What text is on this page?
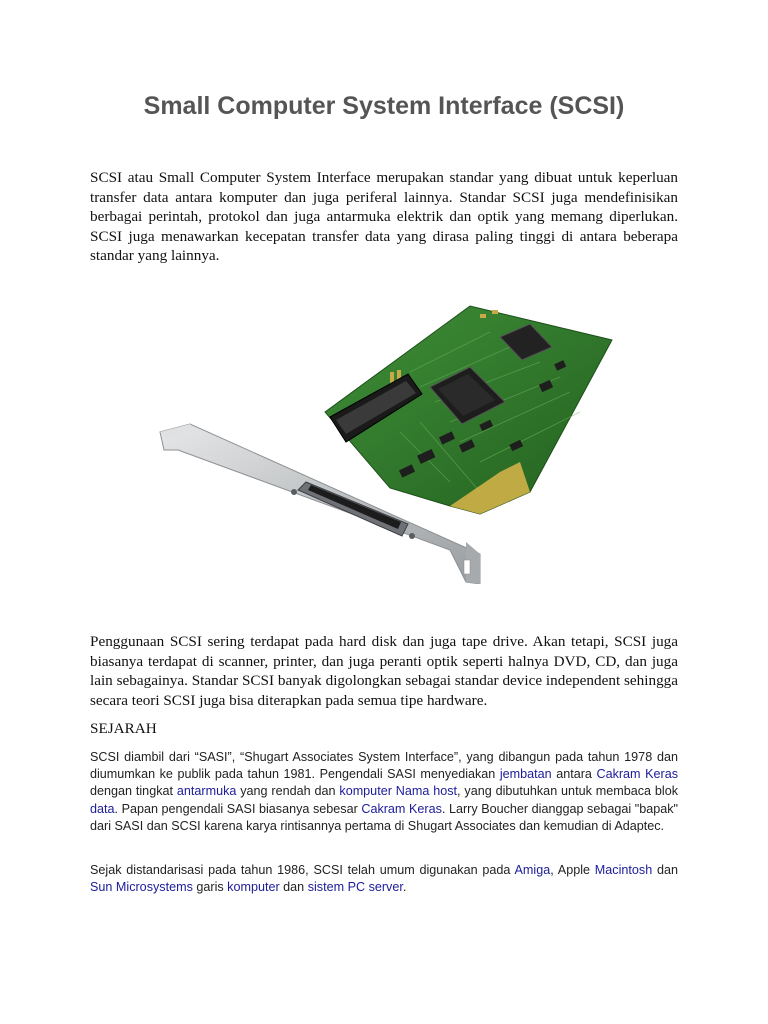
Small Computer System Interface (SCSI)

SCSI atau Small Computer System Interface merupakan standar yang dibuat untuk keperluan transfer data antara komputer dan juga periferal lainnya. Standar SCSI juga mendefinisikan berbagai perintah, protokol dan juga antarmuka elektrik dan optik yang memang diperlukan. SCSI juga menawarkan kecepatan transfer data yang dirasa paling tinggi di antara beberapa standar yang lainnya.

Penggunaan SCSI sering terdapat pada hard disk dan juga tape drive. Akan tetapi, SCSI juga biasanya terdapat di scanner, printer, dan juga peranti optik seperti halnya DVD, CD, dan juga lain sebagainya. Standar SCSI banyak digolongkan sebagai standar device independent sehingga secara teori SCSI juga bisa diterapkan pada semua tipe hardware.

SEJARAH

SCSI diambil dari “SASI”, “Shugart Associates System Interface”, yang dibangun pada tahun 1978 dan diumumkan ke publik pada tahun 1981. Pengendali SASI menyediakan jembatan antara Cakram Keras dengan tingkat antarmuka yang rendah dan komputer Nama host, yang dibutuhkan untuk membaca blok data. Papan pengendali SASI biasanya sebesar Cakram Keras. Larry Boucher dianggap sebagai "bapak" dari SASI dan SCSI karena karya rintisannya pertama di Shugart Associates dan kemudian di Adaptec.

Sejak distandarisasi pada tahun 1986, SCSI telah umum digunakan pada Amiga, Apple Macintosh dan Sun Microsystems garis komputer dan sistem PC server.
